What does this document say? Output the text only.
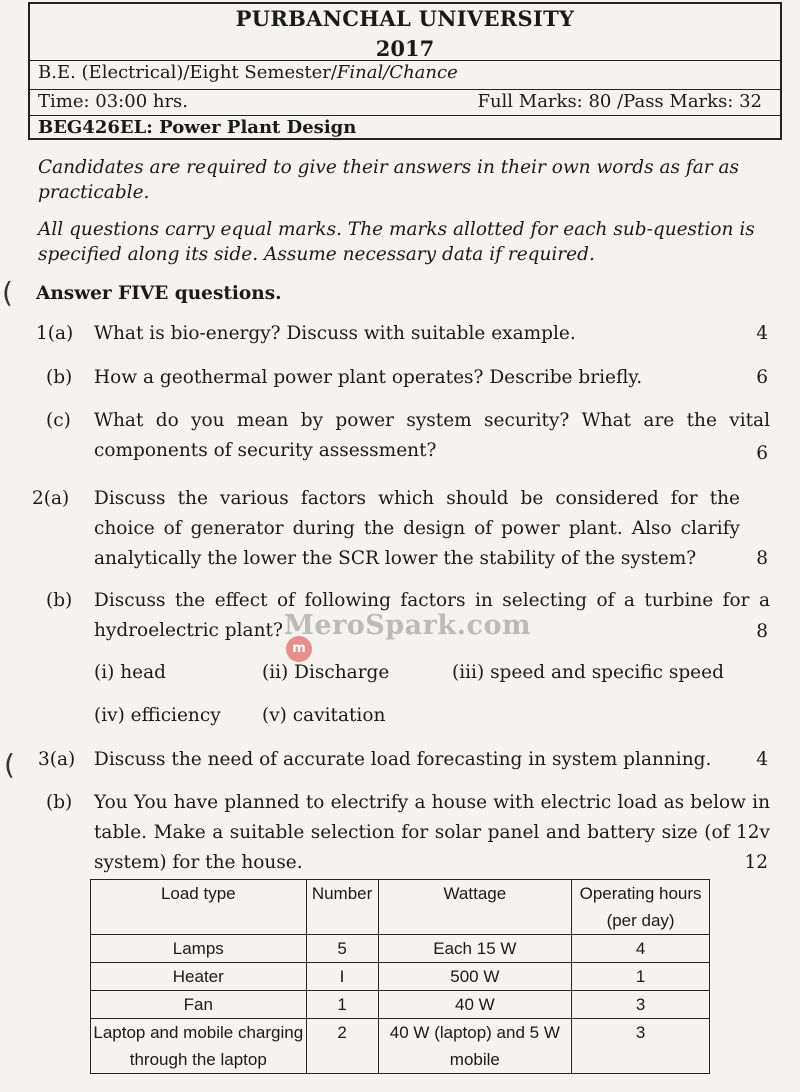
PURBANCHAL UNIVERSITY
2017
B.E. (Electrical)/Eight Semester/Final/Chance
Time: 03:00 hrs.	Full Marks: 80 /Pass Marks: 32
BEG426EL: Power Plant Design
Candidates are required to give their answers in their own words as far as practicable.
All questions carry equal marks. The marks allotted for each sub-question is specified along its side. Assume necessary data if required.
( Answer FIVE questions.
1(a) What is bio-energy? Discuss with suitable example.	4
(b) How a geothermal power plant operates? Describe briefly.	6
(c) What do you mean by power system security? What are the vital components of security assessment?	6
2(a) Discuss the various factors which should be considered for the choice of generator during the design of power plant. Also clarify analytically the lower the SCR lower the stability of the system?	8
(b) Discuss the effect of following factors in selecting of a turbine for a hydroelectric plant?	8
(i) head	(ii) Discharge	(iii) speed and specific speed
(iv) efficiency (v) cavitation
m
MeroSpark.com
( 3(a) Discuss the need of accurate load forecasting in system planning.	4
(b) You You have planned to electrify a house with electric load as below in table. Make a suitable selection for solar panel and battery size (of 12v system) for the house.	12
Load type	Number	Wattage	Operating hours (per day)
Lamps	5	Each 15 W	4
Heater	I	500 W	1
Fan	1	40 W	3
Laptop and mobile charging through the laptop	2	40 W (laptop) and 5 W mobile	3
